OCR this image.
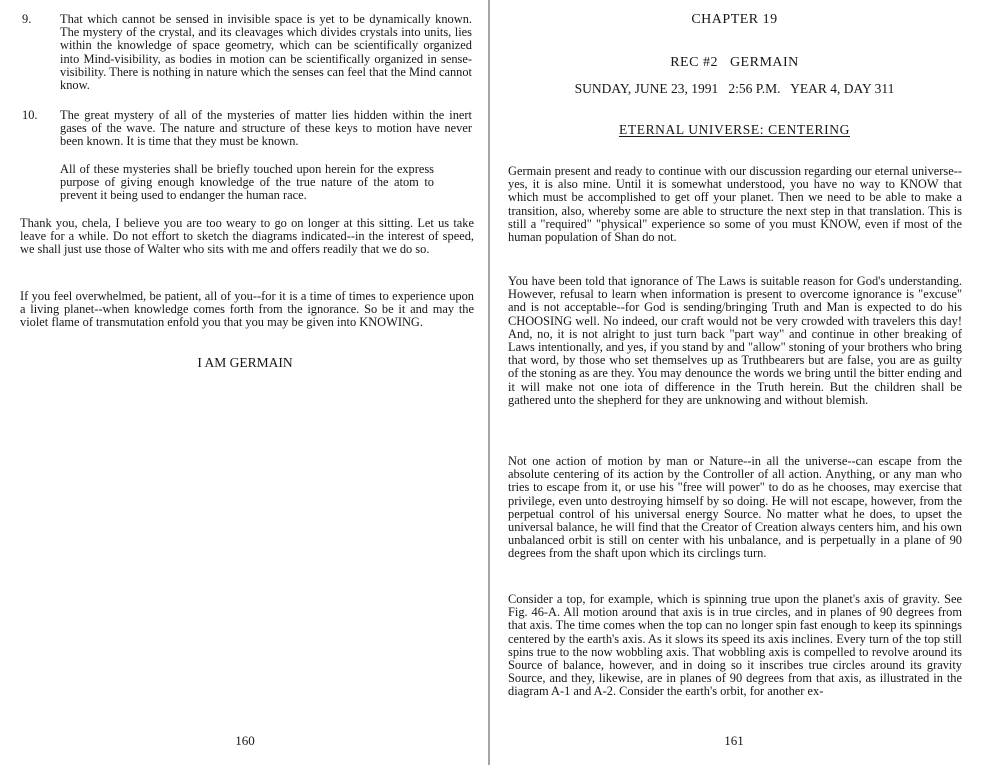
9. That which cannot be sensed in invisible space is yet to be dynamically known. The mystery of the crystal, and its cleavages which divides crystals into units, lies within the knowledge of space geometry, which can be scientifically organized into Mind-visibility, as bodies in motion can be scientifically organized in sense-visibility. There is nothing in nature which the senses can feel that the Mind cannot know.
10. The great mystery of all of the mysteries of matter lies hidden within the inert gases of the wave. The nature and structure of these keys to motion have never been known. It is time that they must be known.
All of these mysteries shall be briefly touched upon herein for the express purpose of giving enough knowledge of the true nature of the atom to prevent it being used to endanger the human race.
Thank you, chela, I believe you are too weary to go on longer at this sitting. Let us take leave for a while. Do not effort to sketch the diagrams indicated--in the interest of speed, we shall just use those of Walter who sits with me and offers readily that we do so.
If you feel overwhelmed, be patient, all of you--for it is a time of times to experience upon a living planet--when knowledge comes forth from the ignorance. So be it and may the violet flame of transmutation enfold you that you may be given into KNOWING.
I AM GERMAIN
160
CHAPTER 19
REC #2   GERMAIN
SUNDAY, JUNE 23, 1991   2:56 P.M.   YEAR 4, DAY 311
ETERNAL UNIVERSE: CENTERING
Germain present and ready to continue with our discussion regarding our eternal universe--yes, it is also mine. Until it is somewhat understood, you have no way to KNOW that which must be accomplished to get off your planet. Then we need to be able to make a transition, also, whereby some are able to structure the next step in that translation. This is still a "required" "physical" experience so some of you must KNOW, even if most of the human population of Shan do not.
You have been told that ignorance of The Laws is suitable reason for God's understanding. However, refusal to learn when information is present to overcome ignorance is "excuse" and is not acceptable--for God is sending/bringing Truth and Man is expected to do his CHOOSING well. No indeed, our craft would not be very crowded with travelers this day! And, no, it is not alright to just turn back "part way" and continue in other breaking of Laws intentionally, and yes, if you stand by and "allow" stoning of your brothers who bring that word, by those who set themselves up as Truthbearers but are false, you are as guilty of the stoning as are they. You may denounce the words we bring until the bitter ending and it will make not one iota of difference in the Truth herein. But the children shall be gathered unto the shepherd for they are unknowing and without blemish.
Not one action of motion by man or Nature--in all the universe--can escape from the absolute centering of its action by the Controller of all action. Anything, or any man who tries to escape from it, or use his "free will power" to do as he chooses, may exercise that privilege, even unto destroying himself by so doing. He will not escape, however, from the perpetual control of his universal energy Source. No matter what he does, to upset the universal balance, he will find that the Creator of Creation always centers him, and his own unbalanced orbit is still on center with his unbalance, and is perpetually in a plane of 90 degrees from the shaft upon which its circlings turn.
Consider a top, for example, which is spinning true upon the planet's axis of gravity. See Fig. 46-A. All motion around that axis is in true circles, and in planes of 90 degrees from that axis. The time comes when the top can no longer spin fast enough to keep its spinnings centered by the earth's axis. As it slows its speed its axis inclines. Every turn of the top still spins true to the now wobbling axis. That wobbling axis is compelled to revolve around its Source of balance, however, and in doing so it inscribes true circles around its gravity Source, and they, likewise, are in planes of 90 degrees from that axis, as illustrated in the diagram A-1 and A-2. Consider the earth's orbit, for another ex-
161
